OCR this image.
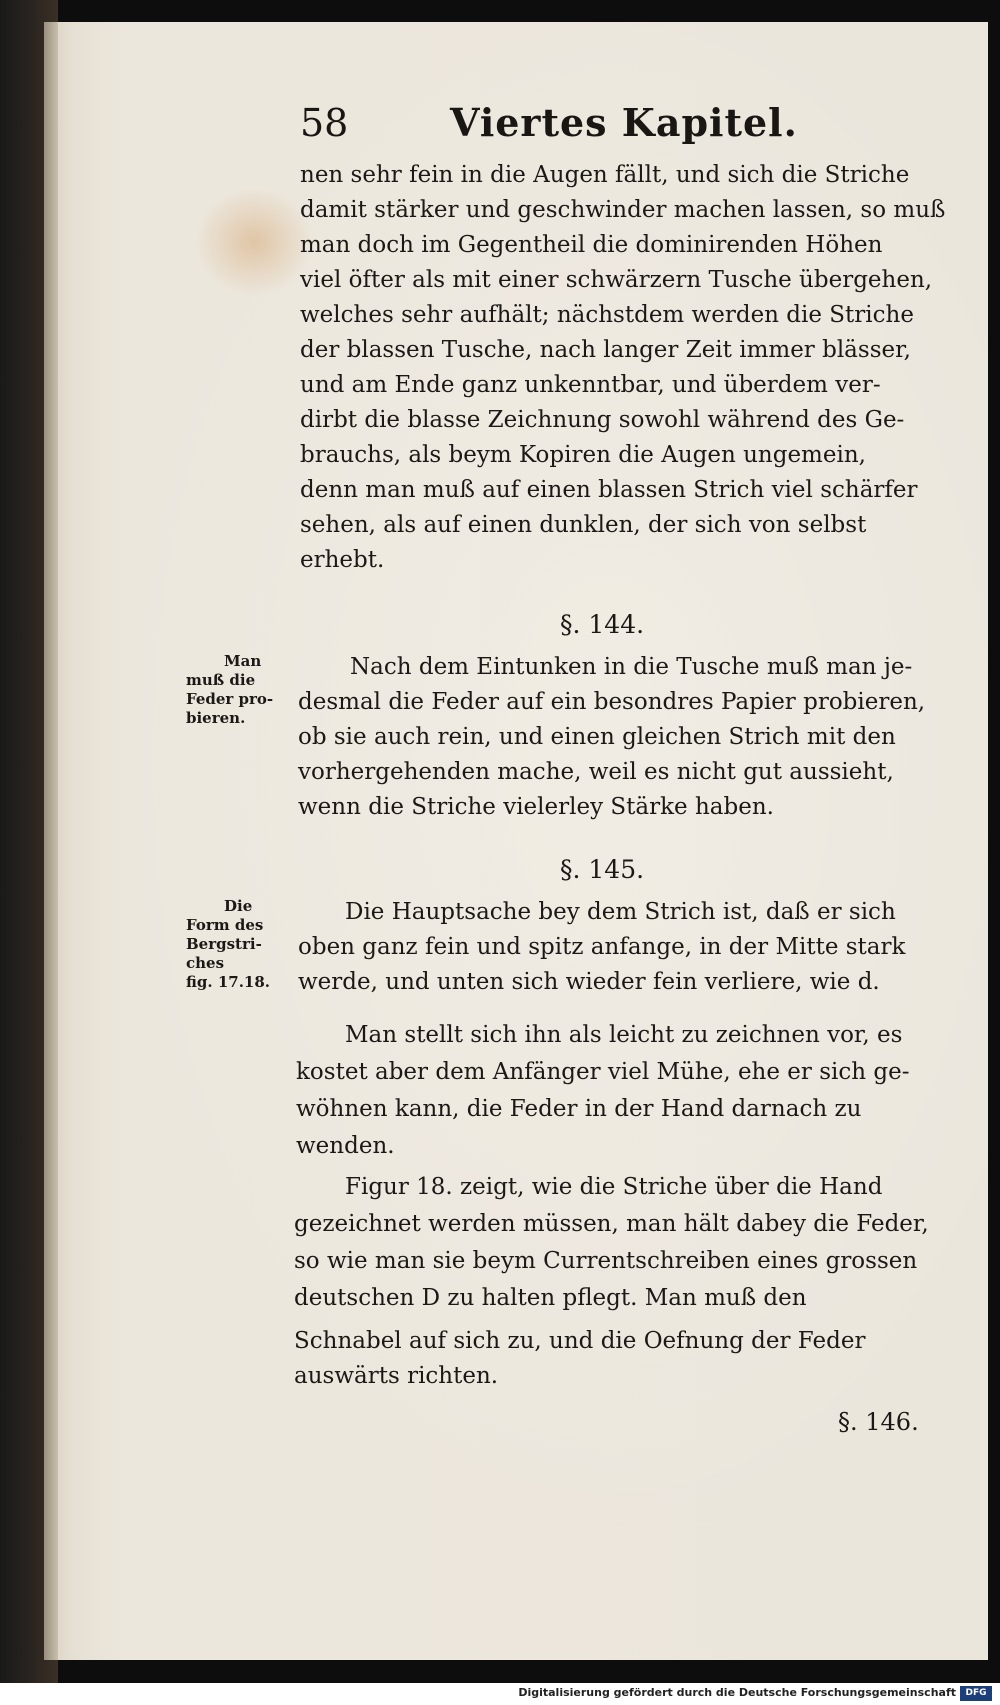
58	Viertes Kapitel.
nen sehr fein in die Augen fällt, und sich die Striche
damit stärker und geschwinder machen lassen, so muß
man doch im Gegentheil die dominirenden Höhen
viel öfter als mit einer schwärzern Tusche übergehen,
welches sehr aufhält; nächstdem werden die Striche
der blassen Tusche, nach langer Zeit immer blässer,
und am Ende ganz unkenntbar, und überdem ver-
dirbt die blasse Zeichnung sowohl während des Ge-
brauchs, als beym Kopiren die Augen ungemein,
denn man muß auf einen blassen Strich viel schärfer
sehen, als auf einen dunklen, der sich von selbst
erhebt.
§. 144.
Man
muß die
Feder pro-
bieren.
Nach dem Eintunken in die Tusche muß man je-
desmal die Feder auf ein besondres Papier probieren,
ob sie auch rein, und einen gleichen Strich mit den
vorhergehenden mache, weil es nicht gut aussieht,
wenn die Striche vielerley Stärke haben.
§. 145.
Die
Form des
Bergstri-
ches
fig. 17.18.
Die Hauptsache bey dem Strich ist, daß er sich
oben ganz fein und spitz anfange, in der Mitte stark
werde, und unten sich wieder fein verliere, wie d.
Man stellt sich ihn als leicht zu zeichnen vor, es
kostet aber dem Anfänger viel Mühe, ehe er sich ge-
wöhnen kann, die Feder in der Hand darnach zu
wenden.
Figur 18. zeigt, wie die Striche über die Hand
gezeichnet werden müssen, man hält dabey die Feder,
so wie man sie beym Currentschreiben eines grossen
deutschen D zu halten pflegt. Man muß den
Schnabel auf sich zu, und die Oefnung der Feder
auswärts richten.
§. 146.
Digitalisierung gefördert durch die Deutsche Forschungsgemeinschaft	DFG
